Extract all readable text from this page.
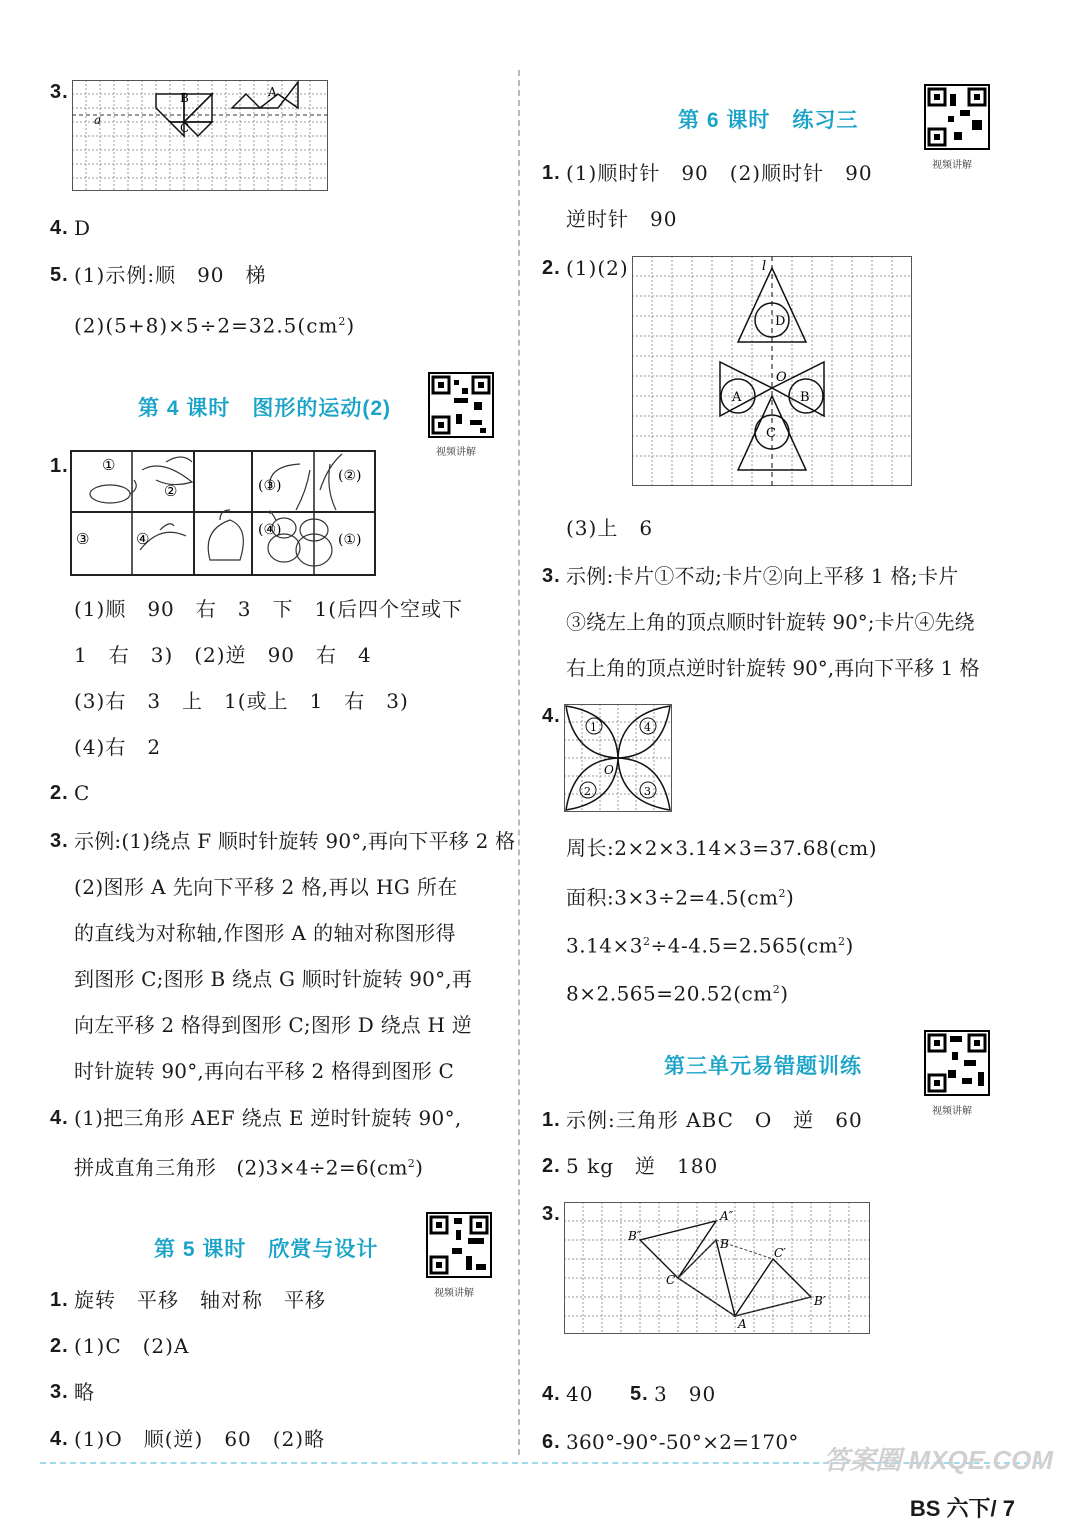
3.
a
B
C
A
4. D
5. (1)示例:顺　90　梯
$(2)(5+8)\times 5\div 2=32.5(cm^2)$
第 4 课时　图形的运动(2)
视频讲解
1. ①
②	(③)
(②)
③	④	(④)
(①)
(1)顺　90　右　3　下　1(后四个空或下
1　右　3)　(2)逆　90　右　4
(3)右　3　上　1(或上　1　右　3)
(4)右　2
2. C
3. 示例:(1)绕点 F 顺时针旋转 90°,再向下平移 2 格
(2)图形 A 先向下平移 2 格,再以 HG 所在
的直线为对称轴,作图形 A 的轴对称图形得
到图形 C;图形 B 绕点 G 顺时针旋转 90°,再
向左平移 2 格得到图形 C;图形 D 绕点 H 逆
时针旋转 90°,再向右平移 2 格得到图形 C
4. (1)把三角形 AEF 绕点 E 逆时针旋转 90°,
拼成直角三角形　$(2)3\times 4\div 2=6(cm^2)$
第 5 课时　欣赏与设计
视频讲解
1. 旋转　平移　轴对称　平移
2. (1)C　(2)A
3. 略
4. (1)O　顺(逆)　60　(2)略
第 6 课时　练习三
视频讲解
1. (1)顺时针　90　(2)顺时针　90
逆时针　90
2. (1)(2)	l
D
A	B
C
O
(3)上　6
3. 示例:卡片①不动;卡片②向上平移 1 格;卡片
③绕左上角的顶点顺时针旋转 90°;卡片④先绕
右上角的顶点逆时针旋转 90°,再向下平移 1 格
4.
1	4
2	3
O
周长:2×2×3.14×3=37.68(cm)
面积$:3\times 3\div 2=4.5(cm^2)$
$3.14\times 3^2\div 4-4.5=2.565(cm^2)$
$8\times 2.565=20.52(cm^2)$
第三单元易错题训练
视频讲解
1. 示例:三角形 ABC　O　逆　60
2. 5 kg　逆　180
3.
B″
A″
B
C′
C
B′
A
4. 40 5. 3　90
6. 360°-90°-50°×2=170°
BS 六下/ 7
答案圈 MXQE.COM
